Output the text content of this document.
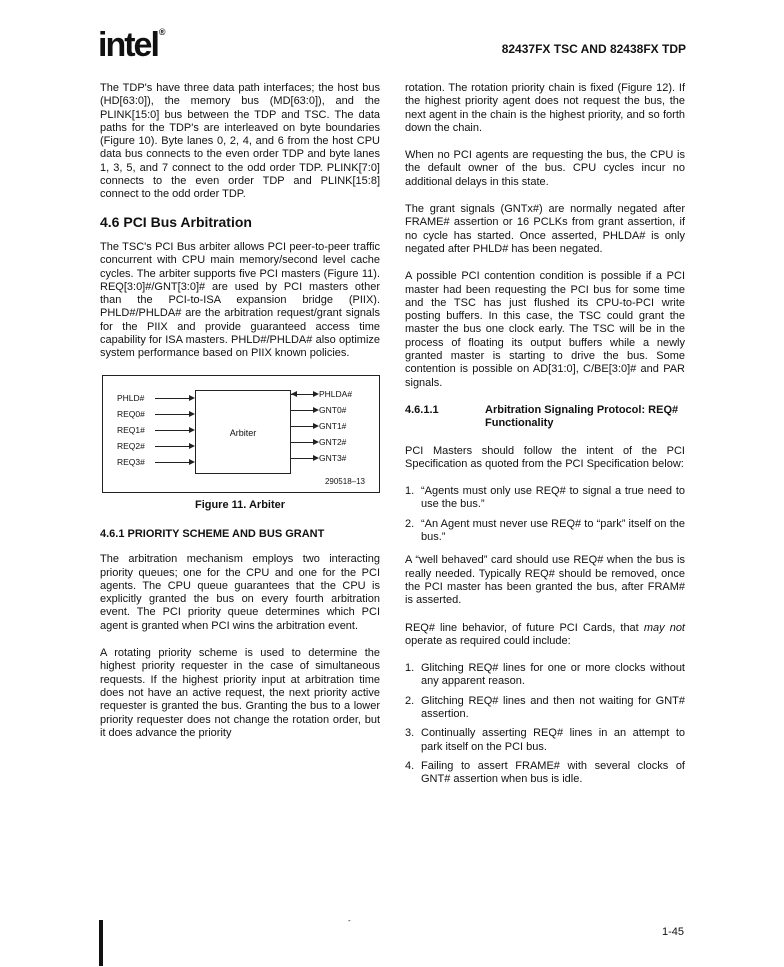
intel®
82437FX TSC AND 82438FX TDP

The TDP's have three data path interfaces; the host bus (HD[63:0]), the memory bus (MD[63:0]), and the PLINK[15:0] bus between the TDP and TSC. The data paths for the TDP's are interleaved on byte boundaries (Figure 10). Byte lanes 0, 2, 4, and 6 from the host CPU data bus connects to the even order TDP and byte lanes 1, 3, 5, and 7 connect to the odd order TDP. PLINK[7:0] connects to the even order TDP and PLINK[15:8] connect to the odd order TDP.

4.6 PCI Bus Arbitration

The TSC's PCI Bus arbiter allows PCI peer-to-peer traffic concurrent with CPU main memory/second level cache cycles. The arbiter supports five PCI masters (Figure 11). REQ[3:0]#/GNT[3:0]# are used by PCI masters other than the PCI-to-ISA expansion bridge (PIIX). PHLD#/PHLDA# are the arbitration request/grant signals for the PIIX and provide guaranteed access time capability for ISA masters. PHLD#/PHLDA# also optimize system performance based on PIIX known policies.

Arbiter
PHLD#
REQ0#
REQ1#
REQ2#
REQ3#
PHLDA#
GNT0#
GNT1#
GNT2#
GNT3#
290518–13
Figure 11. Arbiter
4.6.1 PRIORITY SCHEME AND BUS GRANT

The arbitration mechanism employs two interacting priority queues; one for the CPU and one for the PCI agents. The CPU queue guarantees that the CPU is explicitly granted the bus on every fourth arbitration event. The PCI priority queue determines which PCI agent is granted when PCI wins the arbitration event.

A rotating priority scheme is used to determine the highest priority requester in the case of simultaneous requests. If the highest priority input at arbitration time does not have an active request, the next priority active requester is granted the bus. Granting the bus to a lower priority requester does not change the rotation order, but it does advance the priority

rotation. The rotation priority chain is fixed (Figure 12). If the highest priority agent does not request the bus, the next agent in the chain is the highest priority, and so forth down the chain.

When no PCI agents are requesting the bus, the CPU is the default owner of the bus. CPU cycles incur no additional delays in this state.

The grant signals (GNTx#) are normally negated after FRAME# assertion or 16 PCLKs from grant assertion, if no cycle has started. Once asserted, PHLDA# is only negated after PHLD# has been negated.

A possible PCI contention condition is possible if a PCI master had been requesting the PCI bus for some time and the TSC has just flushed its CPU-to-PCI write posting buffers. In this case, the TSC could grant the master the bus one clock early. The TSC will be in the process of floating its output buffers while a newly granted master is starting to drive the bus. Some contention is possible on AD[31:0], C/BE[3:0]# and PAR signals.

4.6.1.1	Arbitration Signaling Protocol: REQ# Functionality

PCI Masters should follow the intent of the PCI Specification as quoted from the PCI Specification below:

1. “Agents must only use REQ# to signal a true need to use the bus.”
2. “An Agent must never use REQ# to “park” itself on the bus.”

A “well behaved” card should use REQ# when the bus is really needed. Typically REQ# should be removed, once the PCI master has been granted the bus, after FRAM# is asserted.

REQ# line behavior, of future PCI Cards, that may not operate as required could include:

1. Glitching REQ# lines for one or more clocks without any apparent reason.
2. Glitching REQ# lines and then not waiting for GNT# assertion.
3. Continually asserting REQ# lines in an attempt to park itself on the PCI bus.
4. Failing to assert FRAME# with several clocks of GNT# assertion when bus is idle.
-
1-45
